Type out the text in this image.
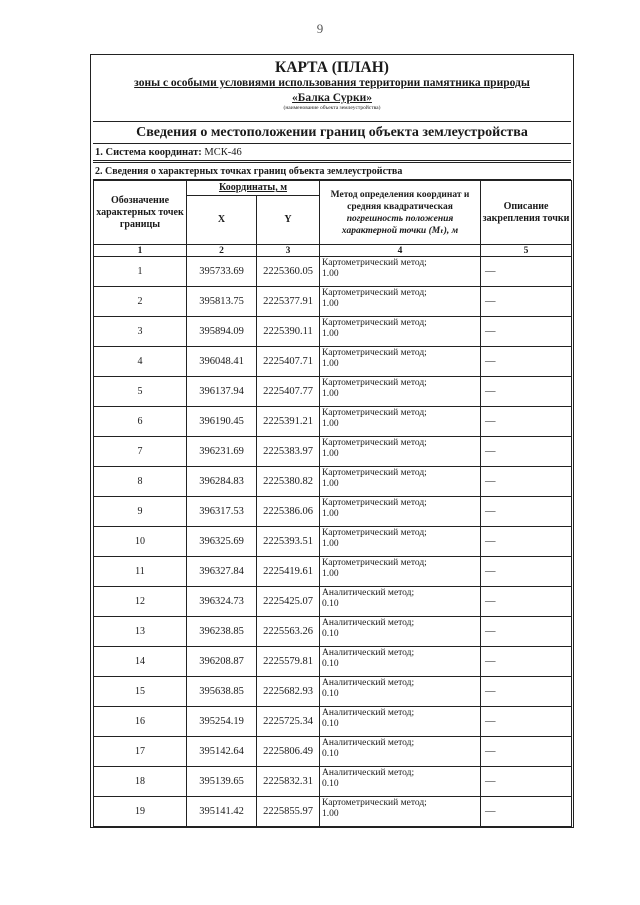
9
КАРТА (ПЛАН)
зоны с особыми условиями использования территории памятника природы
«Балка Сурки»
(наименование объекта землеустройства)
Сведения о местоположении границ объекта землеустройства
1. Система координат: МСК-46
2. Сведения о характерных точках границ объекта землеустройства
Обозначение характерных точек границы	Координаты, м		Метод определения координат и средняя квадратическая
погрешность положения характерной точки (Mₜ), м	Описание закрепления точки
	X	Y		
1	2	3	4	5
1	395733.69	2225360.05	Картометрический метод;
1.00	—
2	395813.75	2225377.91	Картометрический метод;
1.00	—
3	395894.09	2225390.11	Картометрический метод;
1.00	—
4	396048.41	2225407.71	Картометрический метод;
1.00	—
5	396137.94	2225407.77	Картометрический метод;
1.00	—
6	396190.45	2225391.21	Картометрический метод;
1.00	—
7	396231.69	2225383.97	Картометрический метод;
1.00	—
8	396284.83	2225380.82	Картометрический метод;
1.00	—
9	396317.53	2225386.06	Картометрический метод;
1.00	—
10	396325.69	2225393.51	Картометрический метод;
1.00	—
11	396327.84	2225419.61	Картометрический метод;
1.00	—
12	396324.73	2225425.07	Аналитический метод;
0.10	—
13	396238.85	2225563.26	Аналитический метод;
0.10	—
14	396208.87	2225579.81	Аналитический метод;
0.10	—
15	395638.85	2225682.93	Аналитический метод;
0.10	—
16	395254.19	2225725.34	Аналитический метод;
0.10	—
17	395142.64	2225806.49	Аналитический метод;
0.10	—
18	395139.65	2225832.31	Аналитический метод;
0.10	—
19	395141.42	2225855.97	Картометрический метод;
1.00	—
